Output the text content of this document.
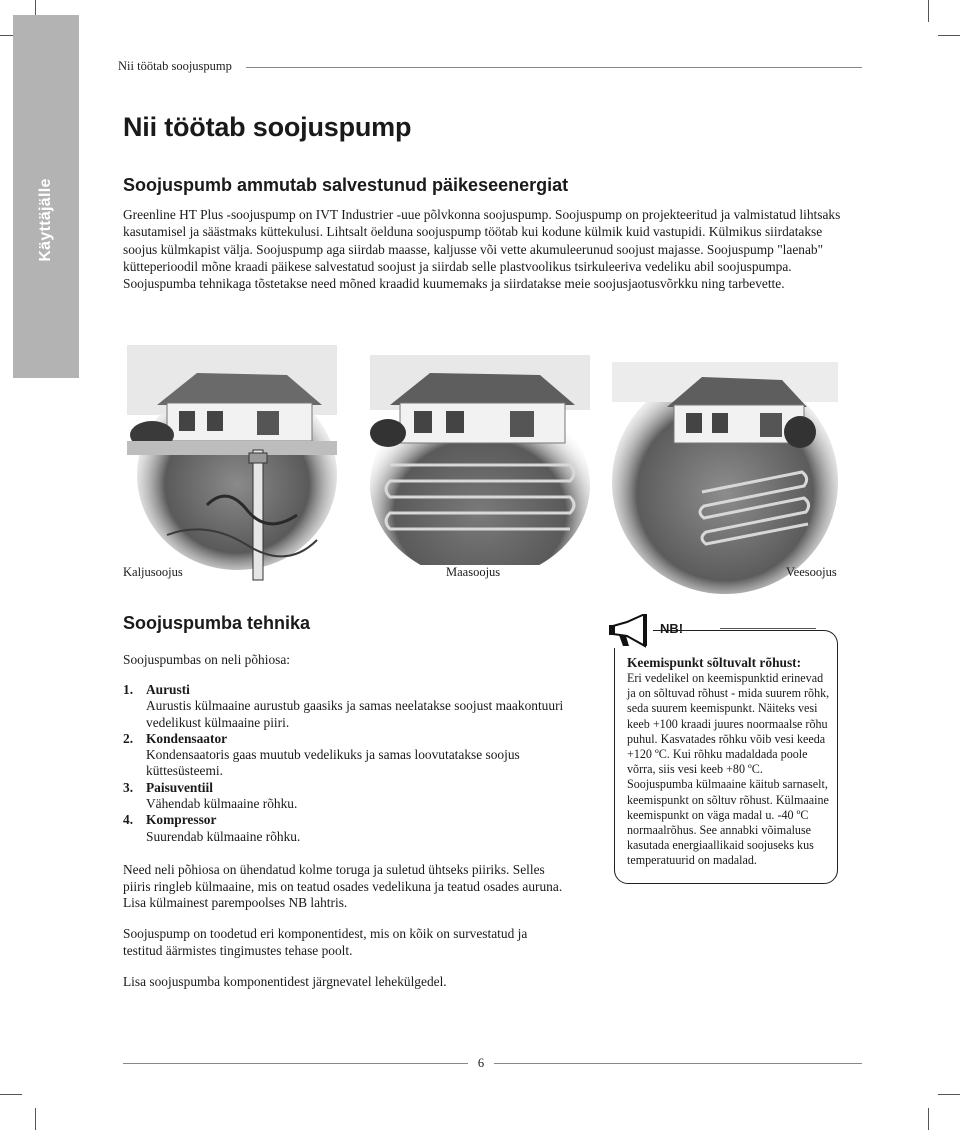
Käyttäjälle
Nii töötab soojuspump
Nii töötab soojuspump
Soojuspumb ammutab salvestunud päikeseenergiat

Greenline HT Plus -soojuspump on IVT Industrier -uue põlvkonna soojuspump. Soojuspump on projekteeritud ja valmistatud lihtsaks kasutamisel ja säästmaks küttekulusi. Lihtsalt öelduna soojuspump töötab kui kodune külmik kuid vastupidi. Külmikus siirdatakse soojus külmkapist välja. Soojuspump aga siirdab maasse, kaljusse või vette akumuleerunud soojust majasse. Soojuspump "laenab" kütteperioodil mõne kraadi päikese salvestatud soojust ja siirdab selle plastvoolikus tsirkuleeriva vedeliku abil soojuspumpa. Soojuspumba tehnikaga tõstetakse need mõned kraadid kuumemaks ja siirdatakse meie soojusjaotusvõrkku ning tarbevette.

Kaljusoojus	Maasoojus	Veesoojus
Soojuspumba tehnika

Soojuspumbas on neli põhiosa:

1. Aurusti
Aurustis külmaaine aurustub gaasiks ja samas neelatakse soojust maakontuuri vedelikust külmaaine piiri.
2. Kondensaator
Kondensaatoris gaas muutub vedelikuks ja samas loovutatakse soojus küttesüsteemi.
3. Paisuventiil
Vähendab külmaaine rõhku.
4. Kompressor
Suurendab külmaaine rõhku.

Need neli põhiosa on ühendatud kolme toruga ja suletud ühtseks piiriks. Selles piiris ringleb külmaaine, mis on teatud osades vedelikuna ja teatud osades auruna. Lisa külmainest parempoolses NB lahtris.

Soojuspump on toodetud eri komponentidest, mis on kõik on survestatud ja testitud äärmistes tingimustes tehase poolt.

Lisa soojuspumba komponentidest järgnevatel lehekülgedel.

NB!
Keemispunkt sõltuvalt rõhust:

Eri vedelikel on keemispunktid erinevad ja on sõltuvad rõhust - mida suurem rõhk, seda suurem keemispunkt. Näiteks vesi keeb +100 kraadi juures noormaalse rõhu puhul. Kasvatades rõhku võib vesi keeda +120 ºC. Kui rõhku madaldada poole võrra, siis vesi keeb +80 ºC. Soojuspumba külmaaine käitub sarnaselt, keemispunkt on sõltuv rõhust. Külmaaine keemispunkt on väga madal u. -40 ºC normaalrõhus. See annabki võimaluse kasutada energiaallikaid soojuseks kus temperatuurid on madalad.

6
